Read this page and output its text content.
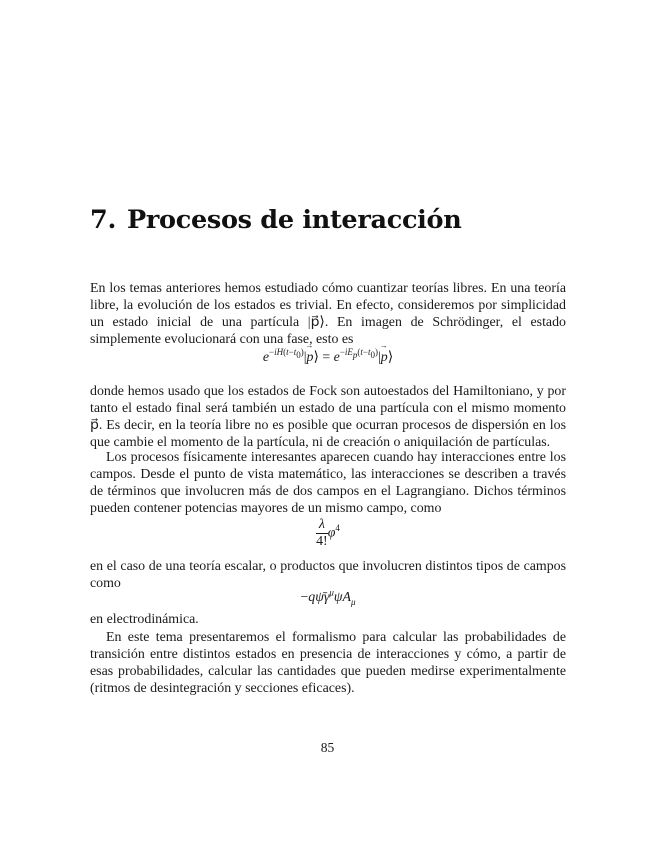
7. Procesos de interacción

En los temas anteriores hemos estudiado cómo cuantizar teorías libres. En una teoría libre, la evolución de los estados es trivial. En efecto, consideremos por simplicidad un estado inicial de una partícula |p⃗⟩. En imagen de Schrödinger, el estado simplemente evolucionará con una fase, esto es

$e^{-iH(t-t_0)}|\to$ p⟩ = $e^{-iE_p(t-t_0)}|\to$ p⟩

donde hemos usado que los estados de Fock son autoestados del Hamiltoniano, y por tanto el estado final será también un estado de una partícula con el mismo momento p⃗. Es decir, en la teoría libre no es posible que ocurran procesos de dispersión en los que cambie el momento de la partícula, ni de creación o aniquilación de partículas.

Los procesos físicamente interesantes aparecen cuando hay interacciones entre los campos. Desde el punto de vista matemático, las interacciones se describen a través de términos que involucren más de dos campos en el Lagrangiano. Dichos términos pueden contener potencias mayores de un mismo campo, como

$\frac{\lambda}{4!} \varphi^4$

en el caso de una teoría escalar, o productos que involucren distintos tipos de campos como

$-q\psī\gamma^\mu\psi A_\mu$

en electrodinámica.

En este tema presentaremos el formalismo para calcular las probabilidades de transición entre distintos estados en presencia de interacciones y cómo, a partir de esas probabilidades, calcular las cantidades que pueden medirse experimentalmente (ritmos de desintegración y secciones eficaces).

85
